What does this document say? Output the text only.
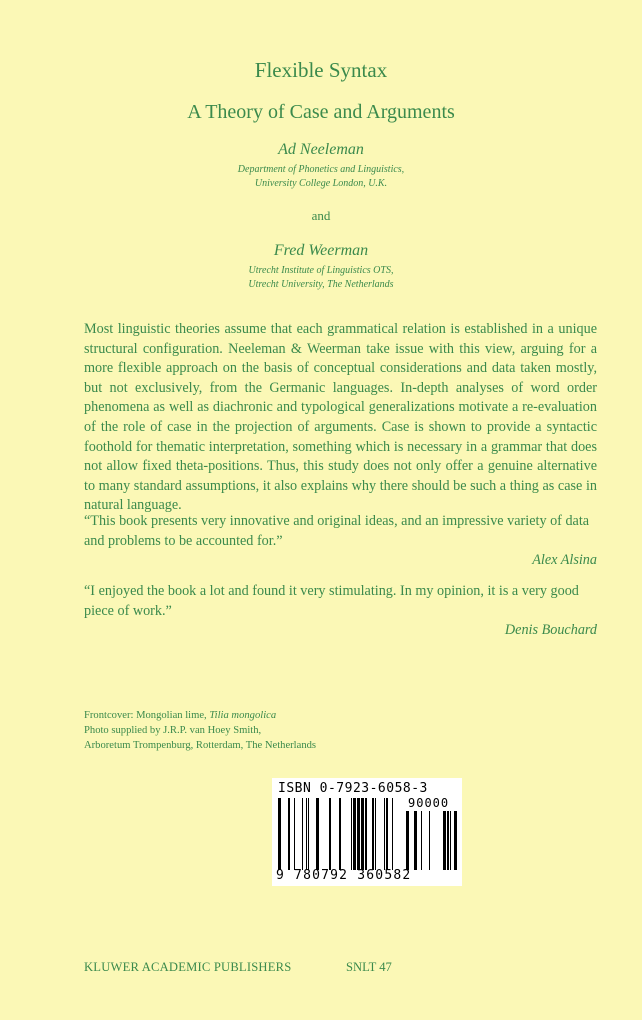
Flexible Syntax
A Theory of Case and Arguments
Ad Neeleman
Department of Phonetics and Linguistics,
University College London, U.K.
and
Fred Weerman
Utrecht Institute of Linguistics OTS,
Utrecht University, The Netherlands

Most linguistic theories assume that each grammatical relation is established in a unique structural configuration. Neeleman & Weerman take issue with this view, arguing for a more flexible approach on the basis of conceptual considerations and data taken mostly, but not exclusively, from the Germanic languages. In-depth analyses of word order phenomena as well as diachronic and typological generalizations motivate a re-evaluation of the role of case in the projection of arguments. Case is shown to provide a syntactic foothold for thematic interpretation, something which is necessary in a grammar that does not allow fixed theta-positions. Thus, this study does not only offer a genuine alternative to many standard assumptions, it also explains why there should be such a thing as case in natural language.

“This book presents very innovative and original ideas, and an impressive variety of data and problems to be accounted for.”
Alex Alsina
“I enjoyed the book a lot and found it very stimulating. In my opinion, it is a very good piece of work.”
Denis Bouchard
Frontcover: Mongolian lime, Tilia mongolica
Photo supplied by J.R.P. van Hoey Smith,
Arboretum Trompenburg, Rotterdam, The Netherlands
ISBN 0-7923-6058-3
90000
9 780792 360582
KLUWER ACADEMIC PUBLISHERS	SNLT 47
